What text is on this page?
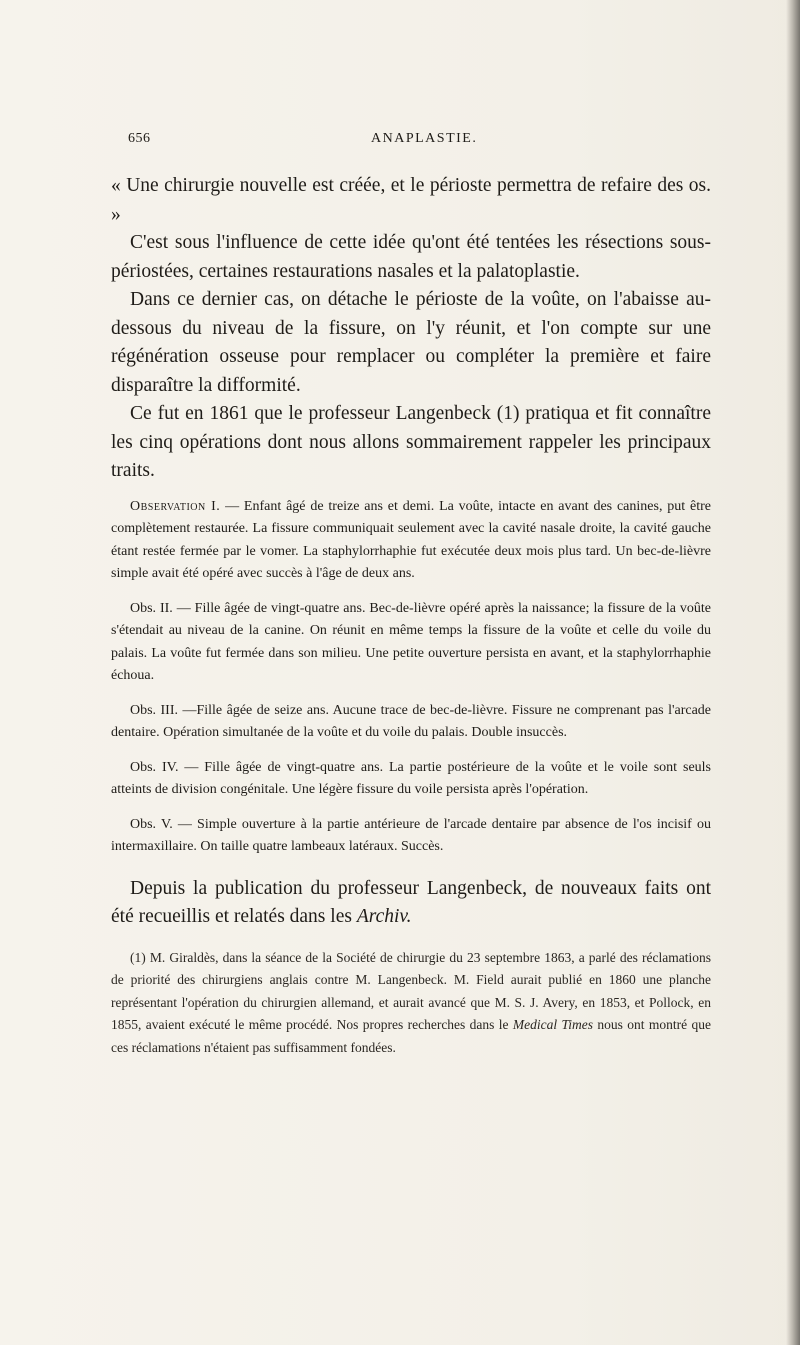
656	ANAPLASTIE.

« Une chirurgie nouvelle est créée, et le périoste permettra de refaire des os. »

C'est sous l'influence de cette idée qu'ont été tentées les résections sous-périostées, certaines restaurations nasales et la palatoplastie.

Dans ce dernier cas, on détache le périoste de la voûte, on l'abaisse au-dessous du niveau de la fissure, on l'y réunit, et l'on compte sur une régénération osseuse pour remplacer ou compléter la première et faire disparaître la difformité.

Ce fut en 1861 que le professeur Langenbeck (1) pratiqua et fit connaître les cinq opérations dont nous allons sommairement rappeler les principaux traits.

Observation I. — Enfant âgé de treize ans et demi. La voûte, intacte en avant des canines, put être complètement restaurée. La fissure communiquait seulement avec la cavité nasale droite, la cavité gauche étant restée fermée par le vomer. La staphylorrhaphie fut exécutée deux mois plus tard. Un bec-de-lièvre simple avait été opéré avec succès à l'âge de deux ans.

Obs. II. — Fille âgée de vingt-quatre ans. Bec-de-lièvre opéré après la naissance; la fissure de la voûte s'étendait au niveau de la canine. On réunit en même temps la fissure de la voûte et celle du voile du palais. La voûte fut fermée dans son milieu. Une petite ouverture persista en avant, et la staphylorrhaphie échoua.

Obs. III. —Fille âgée de seize ans. Aucune trace de bec-de-lièvre. Fissure ne comprenant pas l'arcade dentaire. Opération simultanée de la voûte et du voile du palais. Double insuccès.

Obs. IV. — Fille âgée de vingt-quatre ans. La partie postérieure de la voûte et le voile sont seuls atteints de division congénitale. Une légère fissure du voile persista après l'opération.

Obs. V. — Simple ouverture à la partie antérieure de l'arcade dentaire par absence de l'os incisif ou intermaxillaire. On taille quatre lambeaux latéraux. Succès.

Depuis la publication du professeur Langenbeck, de nouveaux faits ont été recueillis et relatés dans les Archiv.

(1) M. Giraldès, dans la séance de la Société de chirurgie du 23 septembre 1863, a parlé des réclamations de priorité des chirurgiens anglais contre M. Langenbeck. M. Field aurait publié en 1860 une planche représentant l'opération du chirurgien allemand, et aurait avancé que M. S. J. Avery, en 1853, et Pollock, en 1855, avaient exécuté le même procédé. Nos propres recherches dans le Medical Times nous ont montré que ces réclamations n'étaient pas suffisamment fondées.
